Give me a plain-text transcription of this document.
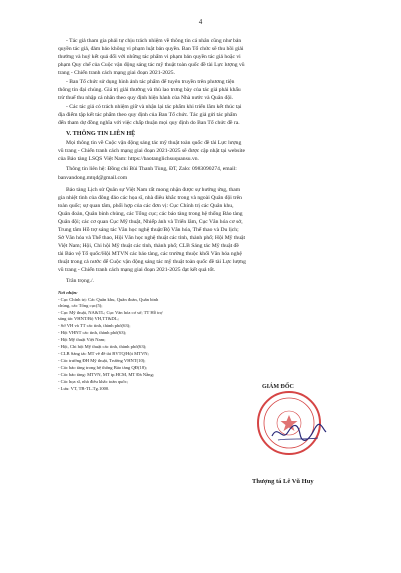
4
- Tác giả tham gia phải tự chịu trách nhiệm về thông tin cá nhân cũng như bản
quyền tác giả, đảm bảo không vi phạm luật bản quyền. Ban Tổ chức sẽ thu hồi giải
thưởng và huỷ kết quả đối với những tác phẩm vi phạm bản quyền tác giả hoặc vi
phạm Quy chế của Cuộc vận động sáng tác mỹ thuật toàn quốc đề tài Lực lượng vũ
trang - Chiến tranh cách mạng giai đoạn 2021-2025.
- Ban Tổ chức sử dụng hình ảnh tác phẩm để tuyên truyền trên phương tiện
thông tin đại chúng. Giá trị giải thưởng và thù lao trưng bày của tác giả phải khấu
trừ thuế thu nhập cá nhân theo quy định hiện hành của Nhà nước và Quân đội.
- Các tác giả có trách nhiệm giữ và nhận lại tác phẩm khi triển lãm kết thúc tại
địa điểm tập kết tác phẩm theo quy định của Ban Tổ chức. Tác giả gửi tác phẩm
đến tham dự đồng nghĩa với việc chấp thuận mọi quy định do Ban Tổ chức đề ra.
V. THÔNG TIN LIÊN HỆ
Mọi thông tin về Cuộc vận động sáng tác mỹ thuật toàn quốc đề tài Lực lượng
vũ trang - Chiến tranh cách mạng giai đoạn 2021-2025 sẽ được cập nhật tại website
của Bảo tàng LSQS Việt Nam: https://baotanglichsuquansu.vn.
Thông tin liên hệ: Đồng chí Bùi Thanh Tùng, ĐT, Zalo: 0983090274, email:
banvandong.mtqd@gmail.com
Bảo tàng Lịch sử Quân sự Việt Nam rất mong nhận được sự hưởng ứng, tham
gia nhiệt tình của đông đảo các họa sĩ, nhà điêu khắc trong và ngoài Quân đội trên
toàn quốc; sự quan tâm, phối hợp của các đơn vị: Cục Chính trị các Quân khu,
Quân đoàn, Quân binh chủng, các Tổng cục; các báo tàng trong hệ thống Bảo tàng
Quân đội; các cơ quan Cục Mỹ thuật, Nhiếp ảnh và Triển lãm, Cục Văn hóa cơ sở,
Trung tâm Hỗ trợ sáng tác Văn học nghệ thuật/Bộ Văn hóa, Thể thao và Du lịch;
Sở Văn hóa và Thể thao, Hội Văn học nghệ thuật các tỉnh, thành phố; Hội Mỹ thuật
Việt Nam; Hội, Chi hội Mỹ thuật các tỉnh, thành phố; CLB Sáng tác Mỹ thuật đề
tài Bảo vệ Tổ quốc/Hội MTVN các báo tàng, các trường thuộc khối Văn hóa nghệ
thuật trong cả nước để Cuộc vận động sáng tác mỹ thuật toàn quốc đề tài Lực lượng
vũ trang - Chiến tranh cách mạng giai đoạn 2021-2025 đạt kết quả tốt.
Trân trọng./.
Nơi nhận:
- Cục Chính trị: Các Quân khu, Quân đoàn, Quân binh
chủng, các Tổng cục(5);
- Cục Mỹ thuật, NA&TL; Cục Văn hóa cơ sở; TT Hỗ trợ
sáng tác VHNT/Bộ VH,TT&DL;
- Sở VH và TT các tỉnh, thành phố(63);
- Hội VHNT các tỉnh, thành phố(63);
- Hội Mỹ thuật Việt Nam;
- Hội, Chi hội Mỹ thuật các tỉnh, thành phố(63);
- CLB Sáng tác MT về đề tài BVTQ/Hội MTVN;
- Các trường ĐH Mỹ thuật, Trường VHNT(10);
- Các báo tàng trong hệ thống Bảo tàng QĐ(18);
- Các báo tàng: MTVN, MT tp.HCM, MT Đà Nẵng;
- Các họa sĩ, nhà điêu khắc toàn quốc;
- Lưu: VT, TB-TL.Tg.1000.	GIÁM ĐỐC
Thượng tá Lê Vũ Huy
